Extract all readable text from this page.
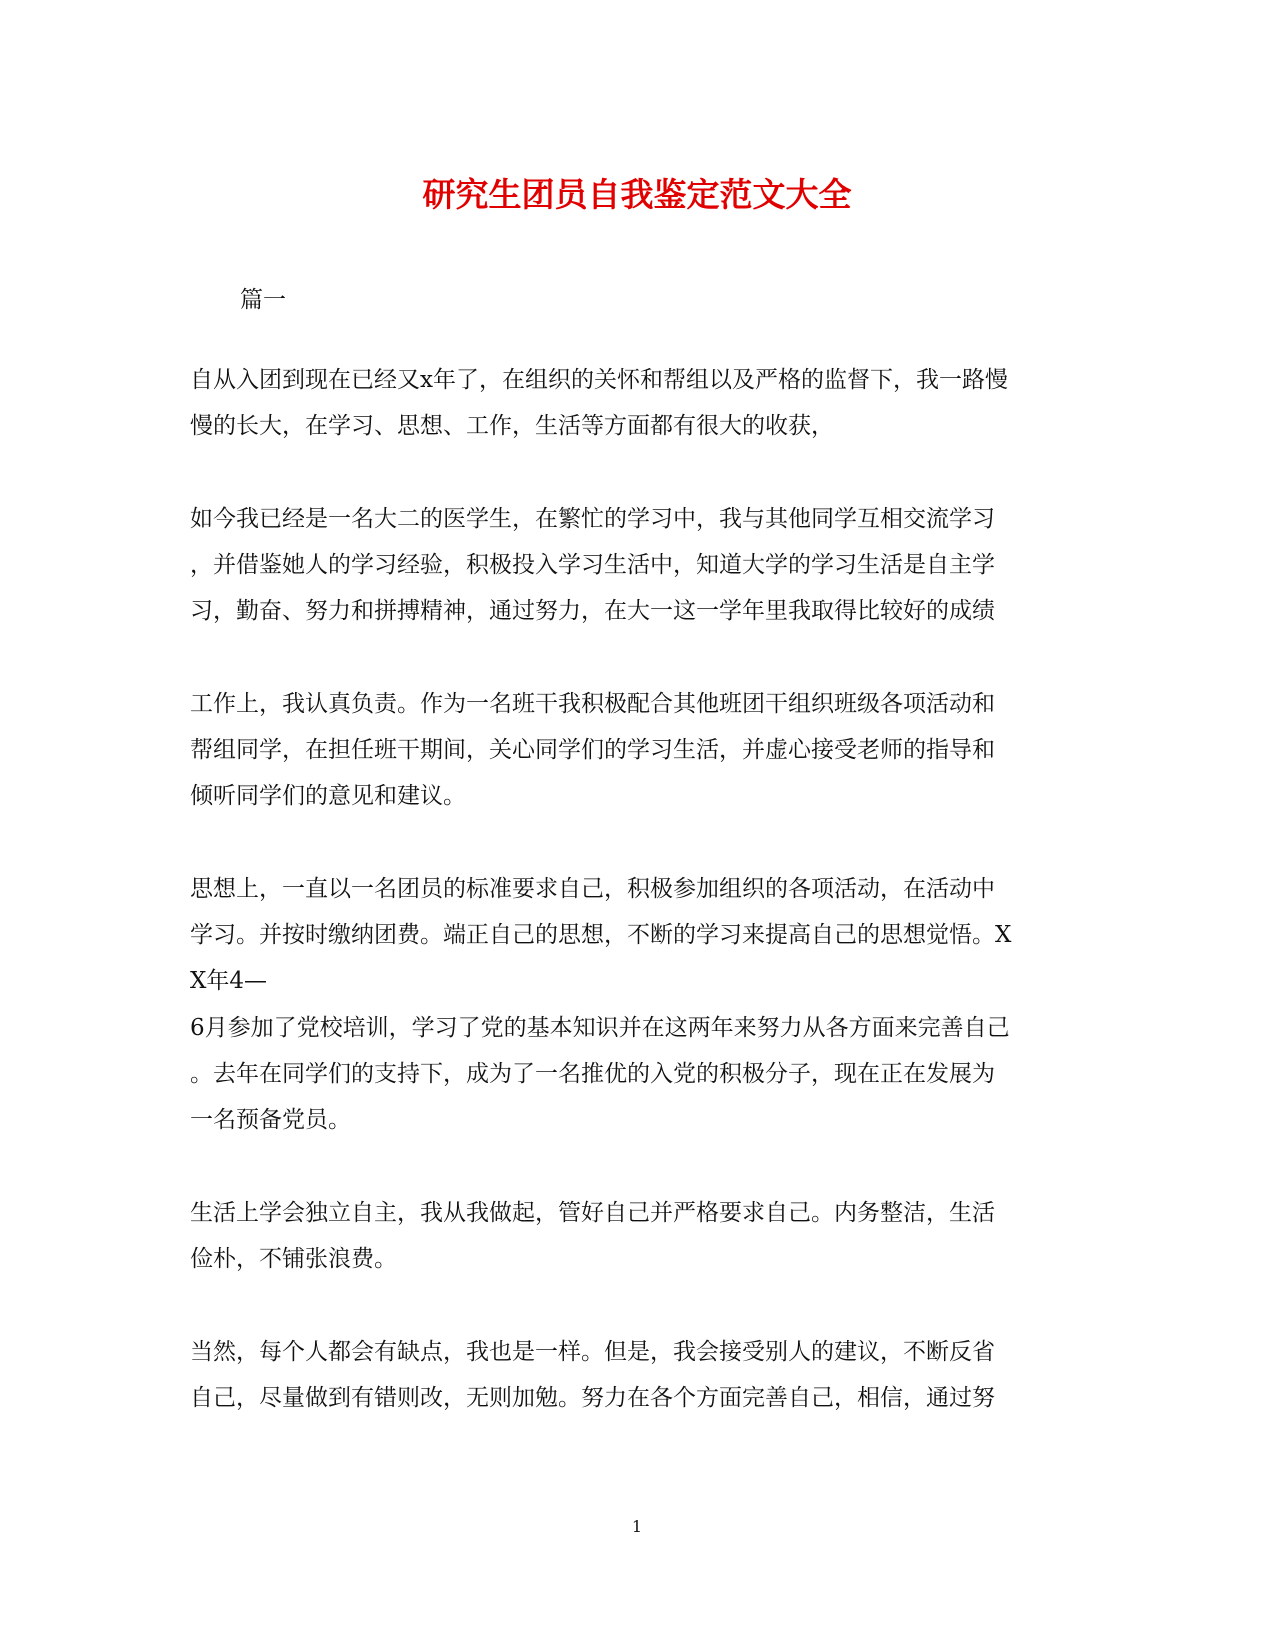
研究生团员自我鉴定范文大全

篇一

自从入团到现在已经又x年了，在组织的关怀和帮组以及严格的监督下，我一路慢

慢的长大，在学习、思想、工作，生活等方面都有很大的收获，

如今我已经是一名大二的医学生，在繁忙的学习中，我与其他同学互相交流学习

，并借鉴她人的学习经验，积极投入学习生活中，知道大学的学习生活是自主学

习，勤奋、努力和拼搏精神，通过努力，在大一这一学年里我取得比较好的成绩

工作上，我认真负责。作为一名班干我积极配合其他班团干组织班级各项活动和

帮组同学，在担任班干期间，关心同学们的学习生活，并虚心接受老师的指导和

倾听同学们的意见和建议。

思想上，一直以一名团员的标准要求自己，积极参加组织的各项活动，在活动中

学习。并按时缴纳团费。端正自己的思想，不断的学习来提高自己的思想觉悟。X

X年4—

6月参加了党校培训，学习了党的基本知识并在这两年来努力从各方面来完善自己

。去年在同学们的支持下，成为了一名推优的入党的积极分子，现在正在发展为

一名预备党员。

生活上学会独立自主，我从我做起，管好自己并严格要求自己。内务整洁，生活

俭朴，不铺张浪费。

当然，每个人都会有缺点，我也是一样。但是，我会接受别人的建议，不断反省

自己，尽量做到有错则改，无则加勉。努力在各个方面完善自己，相信，通过努

1
